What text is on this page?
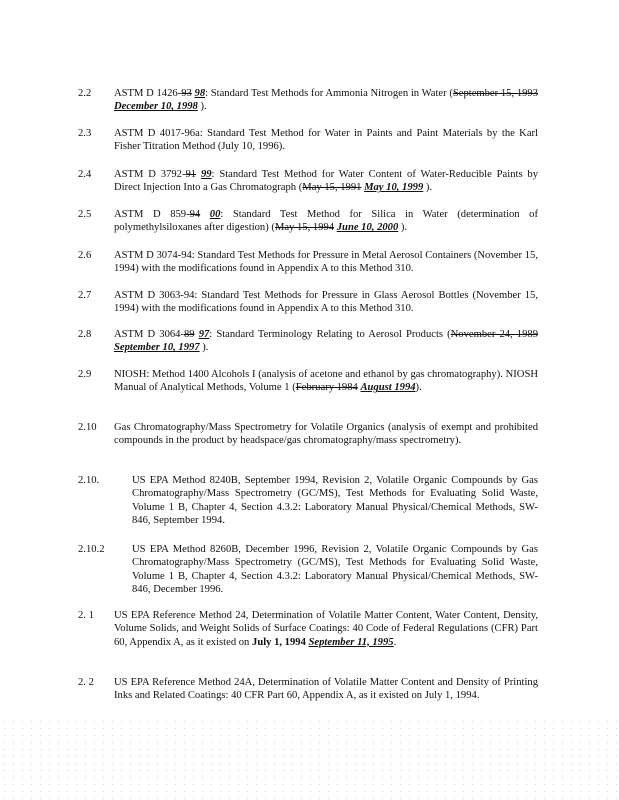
2.2 ASTM D 1426-93 98: Standard Test Methods for Ammonia Nitrogen in Water (September 15, 1993 December 10, 1998 ).
2.3 ASTM D 4017-96a: Standard Test Method for Water in Paints and Paint Materials by the Karl Fisher Titration Method (July 10, 1996).
2.4 ASTM D 3792-91 99: Standard Test Method for Water Content of Water-Reducible Paints by Direct Injection Into a Gas Chromatograph (May 15, 1991 May 10, 1999 ).
2.5 ASTM D 859-94 00: Standard Test Method for Silica in Water (determination of polymethylsiloxanes after digestion) (May 15, 1994 June 10, 2000 ).
2.6 ASTM D 3074-94: Standard Test Methods for Pressure in Metal Aerosol Containers (November 15, 1994) with the modifications found in Appendix A to this Method 310.
2.7 ASTM D 3063-94: Standard Test Methods for Pressure in Glass Aerosol Bottles (November 15, 1994) with the modifications found in Appendix A to this Method 310.
2.8 ASTM D 3064-89 97: Standard Terminology Relating to Aerosol Products (November 24, 1989 September 10, 1997 ).
2.9 NIOSH: Method 1400 Alcohols I (analysis of acetone and ethanol by gas chromatography). NIOSH Manual of Analytical Methods, Volume 1 (February 1984 August 1994).
2.10 Gas Chromatography/Mass Spectrometry for Volatile Organics (analysis of exempt and prohibited compounds in the product by headspace/gas chromatography/mass spectrometry).
2.10.	US EPA Method 8240B, September 1994, Revision 2, Volatile Organic Compounds by Gas Chromatography/Mass Spectrometry (GC/MS), Test Methods for Evaluating Solid Waste, Volume 1 B, Chapter 4, Section 4.3.2: Laboratory Manual Physical/Chemical Methods, SW-846, September 1994.
2.10.2	US EPA Method 8260B, December 1996, Revision 2, Volatile Organic Compounds by Gas Chromatography/Mass Spectrometry (GC/MS), Test Methods for Evaluating Solid Waste, Volume 1 B, Chapter 4, Section 4.3.2: Laboratory Manual Physical/Chemical Methods, SW-846, December 1996.
2. 1 US EPA Reference Method 24, Determination of Volatile Matter Content, Water Content, Density, Volume Solids, and Weight Solids of Surface Coatings: 40 Code of Federal Regulations (CFR) Part 60, Appendix A, as it existed on July 1, 1994 September 11, 1995.
2. 2 US EPA Reference Method 24A, Determination of Volatile Matter Content and Density of Printing Inks and Related Coatings: 40 CFR Part 60, Appendix A, as it existed on July 1, 1994.
